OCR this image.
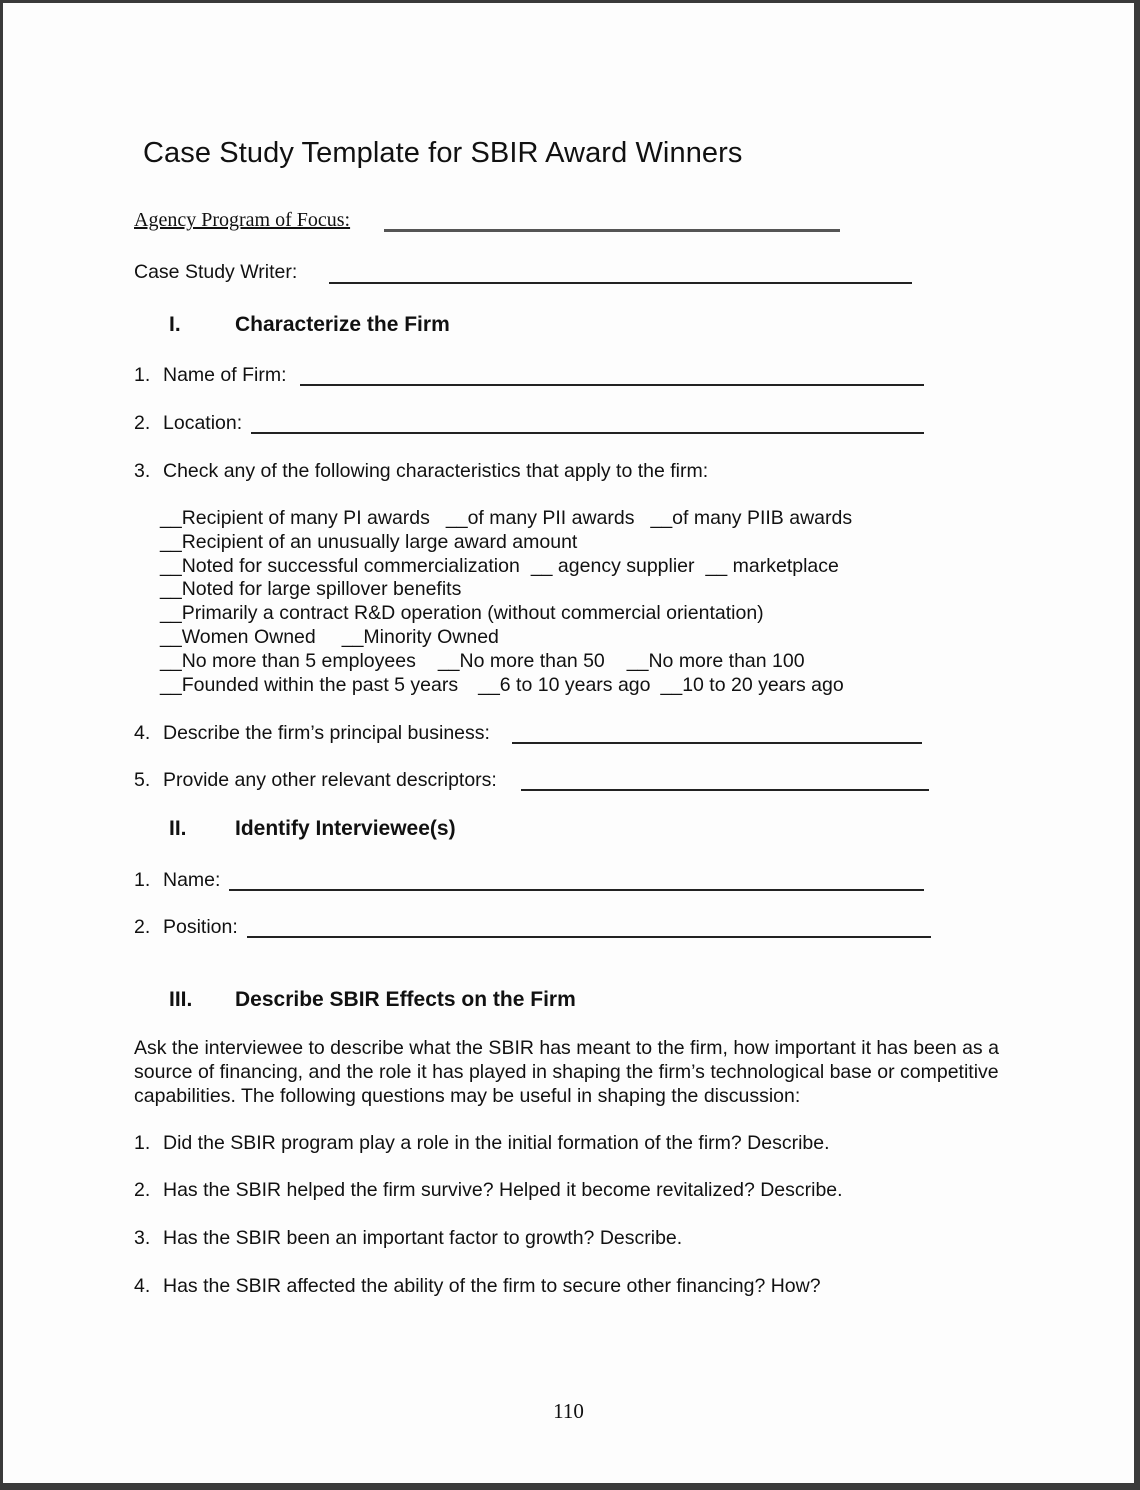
Case Study Template for SBIR Award Winners
Agency Program of Focus:
Case Study Writer:
I.	Characterize the Firm
1. Name of Firm:
2. Location:
3. Check any of the following characteristics that apply to the firm:
__Recipient of many PI awards __of many PII awards __of many PIIB awards
__Recipient of an unusually large award amount
__Noted for successful commercialization __ agency supplier __ marketplace
__Noted for large spillover benefits
__Primarily a contract R&D operation (without commercial orientation)
__Women Owned __Minority Owned
__No more than 5 employees __No more than 50 __No more than 100
__Founded within the past 5 years __6 to 10 years ago __10 to 20 years ago
4. Describe the firm’s principal business:
5. Provide any other relevant descriptors:
II. Identify Interviewee(s)
1. Name:
2. Position:
III. Describe SBIR Effects on the Firm
Ask the interviewee to describe what the SBIR has meant to the firm, how important it has been as a source of financing, and the role it has played in shaping the firm’s technological base or competitive capabilities. The following questions may be useful in shaping the discussion:
1. Did the SBIR program play a role in the initial formation of the firm? Describe.
2. Has the SBIR helped the firm survive? Helped it become revitalized? Describe.
3. Has the SBIR been an important factor to growth? Describe.
4. Has the SBIR affected the ability of the firm to secure other financing? How?
110
